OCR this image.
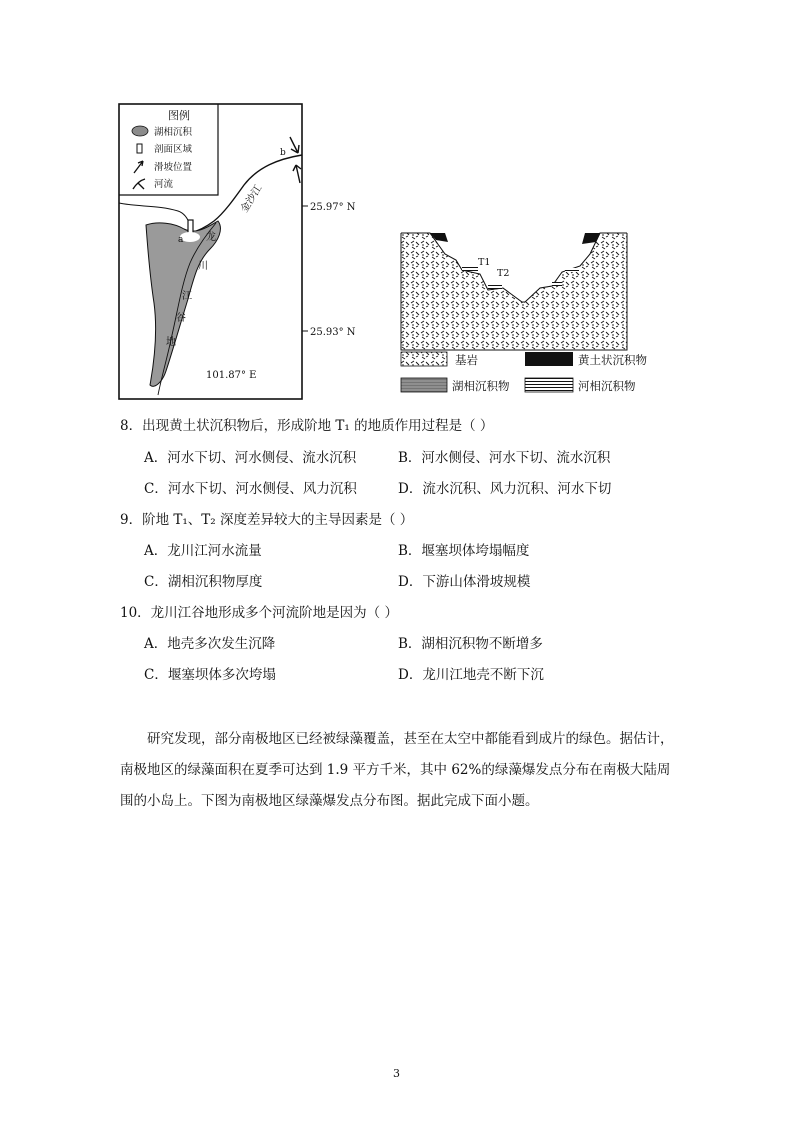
图例
湖相沉积
剖面区域
滑坡位置
河流
a 龙
川
江
谷
地
金沙江
b
25.97° N
25.93° N
101.87° E
T1
T2
基岩	黄土状沉积物
湖相沉积物	河相沉积物
8．出现黄土状沉积物后，形成阶地 T₁ 的地质作用过程是（ ）
A．河水下切、河水侧侵、流水沉积	B．河水侧侵、河水下切、流水沉积
C．河水下切、河水侧侵、风力沉积	D．流水沉积、风力沉积、河水下切
9．阶地 T₁、T₂ 深度差异较大的主导因素是（ ）
A．龙川江河水流量	B．堰塞坝体垮塌幅度
C．湖相沉积物厚度	D．下游山体滑坡规模
10．龙川江谷地形成多个河流阶地是因为（ ）
A．地壳多次发生沉降	B．湖相沉积物不断增多
C．堰塞坝体多次垮塌	D．龙川江地壳不断下沉
研究发现，部分南极地区已经被绿藻覆盖，甚至在太空中都能看到成片的绿色。据估计，南极地区的绿藻面积在夏季可达到 1.9 平方千米，其中 62%的绿藻爆发点分布在南极大陆周围的小岛上。下图为南极地区绿藻爆发点分布图。据此完成下面小题。
3
